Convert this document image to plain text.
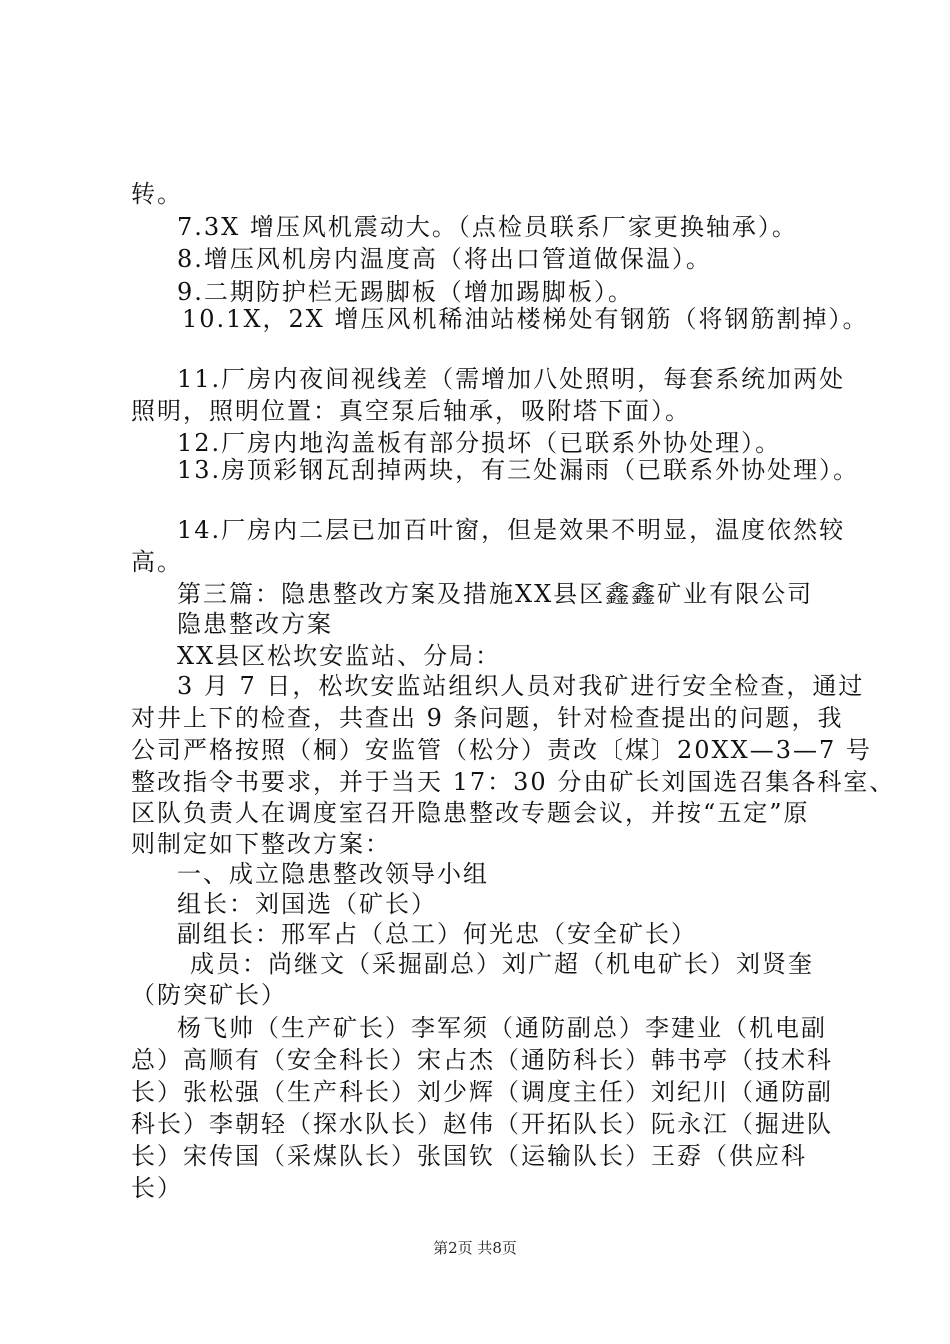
转。
7.3X 增压风机震动大。（点检员联系厂家更换轴承）。
8.增压风机房内温度高（将出口管道做保温）。
9.二期防护栏无踢脚板（增加踢脚板）。
10.1X，2X 增压风机稀油站楼梯处有钢筋（将钢筋割掉）。
11.厂房内夜间视线差（需增加八处照明，每套系统加两处
照明，照明位置：真空泵后轴承，吸附塔下面）。
12.厂房内地沟盖板有部分损坏（已联系外协处理）。
13.房顶彩钢瓦刮掉两块，有三处漏雨（已联系外协处理）。
14.厂房内二层已加百叶窗，但是效果不明显，温度依然较
高。
第三篇：隐患整改方案及措施XX县区鑫鑫矿业有限公司
隐患整改方案
XX县区松坎安监站、分局：
3 月 7 日，松坎安监站组织人员对我矿进行安全检查，通过
对井上下的检查，共查出 9 条问题，针对检查提出的问题，我
公司严格按照（桐）安监管（松分）责改〔煤〕20XX—3—7 号
整改指令书要求，并于当天 17：30 分由矿长刘国选召集各科室、
区队负责人在调度室召开隐患整改专题会议，并按“五定”原
则制定如下整改方案：
一、成立隐患整改领导小组
组长：刘国选（矿长）
副组长：邢军占（总工）何光忠（安全矿长）
成员：尚继文（采掘副总）刘广超（机电矿长）刘贤奎
（防突矿长）
杨飞帅（生产矿长）李军须（通防副总）李建业（机电副
总）高顺有（安全科长）宋占杰（通防科长）韩书亭（技术科
长）张松强（生产科长）刘少辉（调度主任）刘纪川（通防副
科长）李朝轻（探水队长）赵伟（开拓队长）阮永江（掘进队
长）宋传国（采煤队长）张国钦（运输队长）王孬（供应科
长）
第2页 共8页
